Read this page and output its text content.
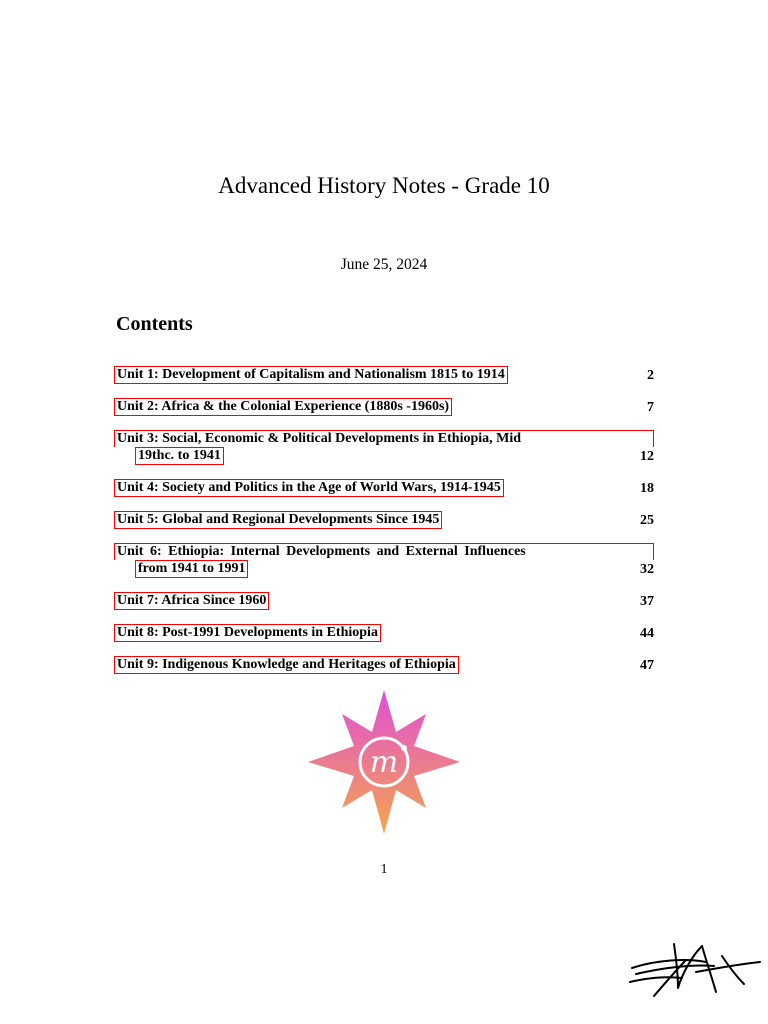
Advanced History Notes - Grade 10
June 25, 2024
Contents
Unit 1: Development of Capitalism and Nationalism 1815 to 1914	2
Unit 2: Africa & the Colonial Experience (1880s -1960s)	7
Unit 3: Social, Economic & Political Developments in Ethiopia, Mid
19thc. to 1941	12
Unit 4: Society and Politics in the Age of World Wars, 1914-1945	18
Unit 5: Global and Regional Developments Since 1945	25
Unit 6: Ethiopia: Internal Developments and External Influences
from 1941 to 1991	32
Unit 7: Africa Since 1960	37
Unit 8: Post-1991 Developments in Ethiopia	44
Unit 9: Indigenous Knowledge and Heritages of Ethiopia	47
m
1
